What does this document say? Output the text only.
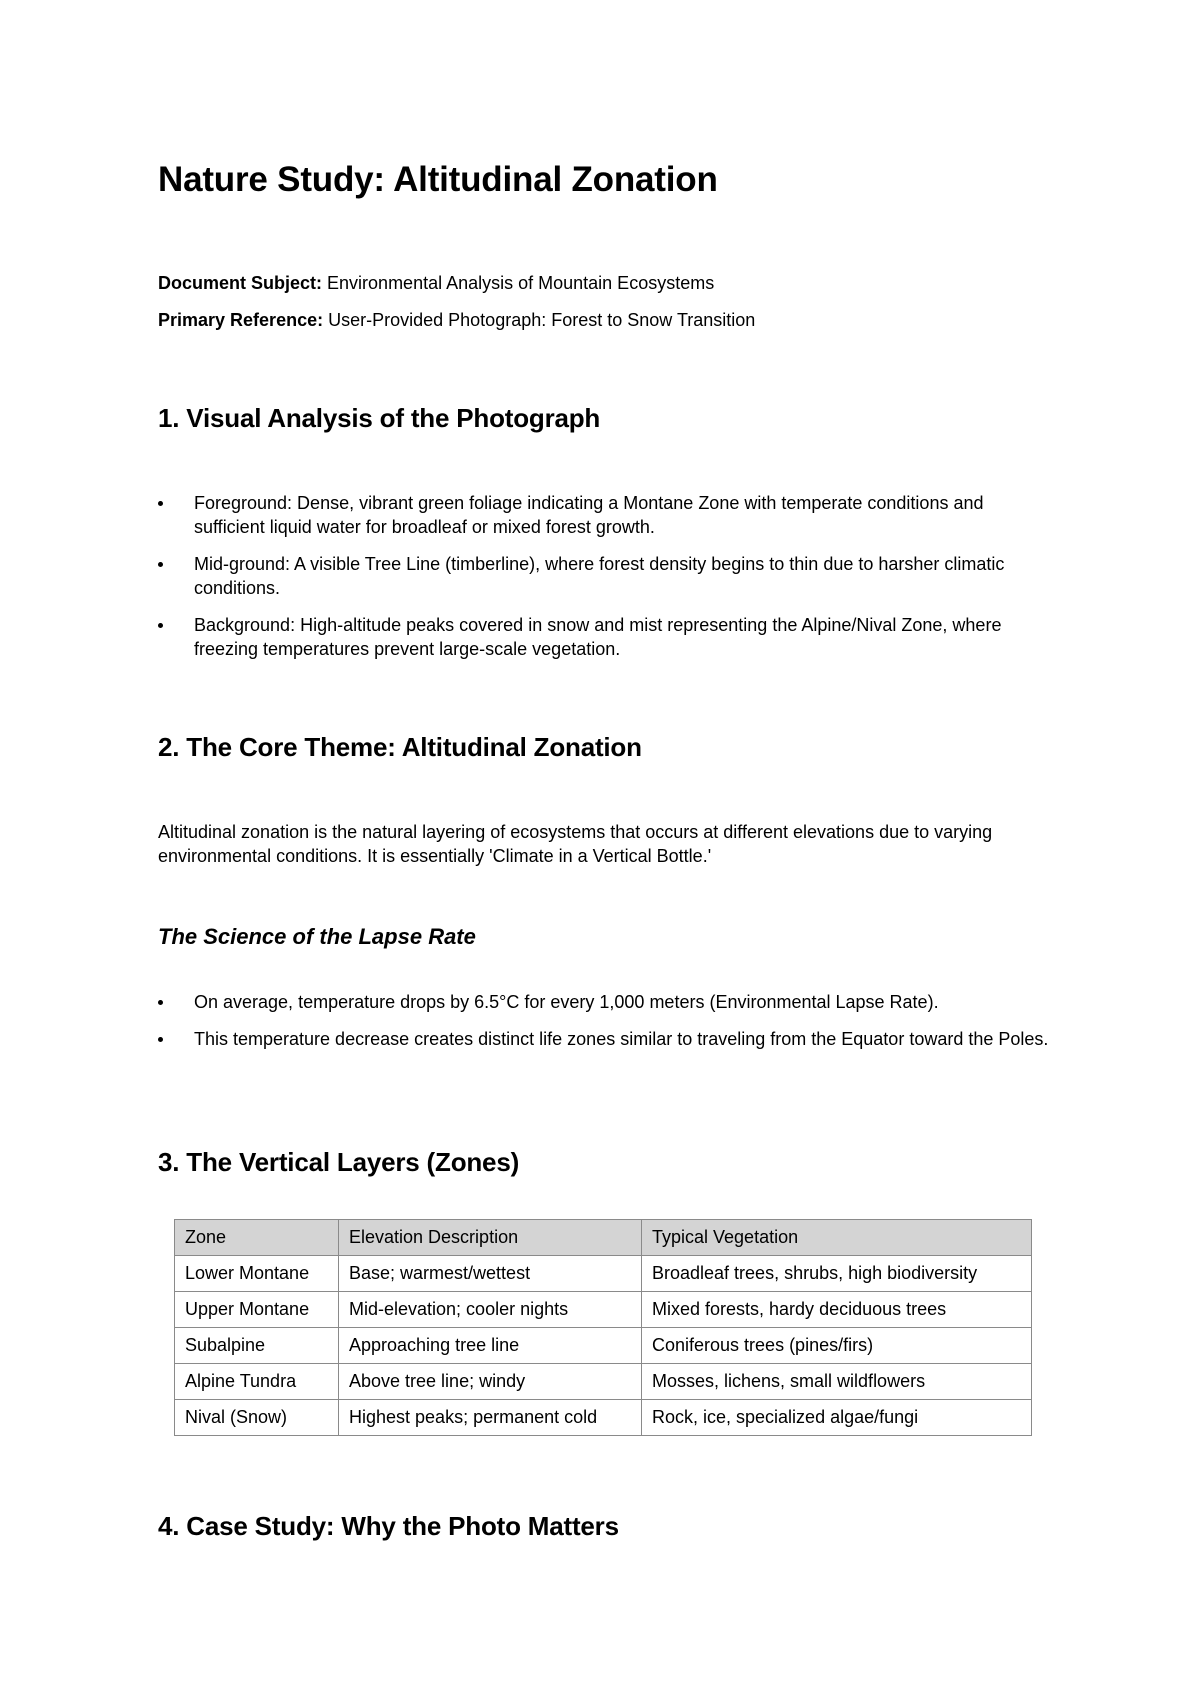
Nature Study: Altitudinal Zonation

Document Subject: Environmental Analysis of Mountain Ecosystems

Primary Reference: User-Provided Photograph: Forest to Snow Transition

1. Visual Analysis of the Photograph
Foreground: Dense, vibrant green foliage indicating a Montane Zone with temperate conditions and sufficient liquid water for broadleaf or mixed forest growth.
Mid-ground: A visible Tree Line (timberline), where forest density begins to thin due to harsher climatic conditions.
Background: High-altitude peaks covered in snow and mist representing the Alpine/Nival Zone, where freezing temperatures prevent large-scale vegetation.
2. The Core Theme: Altitudinal Zonation

Altitudinal zonation is the natural layering of ecosystems that occurs at different elevations due to varying environmental conditions. It is essentially 'Climate in a Vertical Bottle.'

The Science of the Lapse Rate
On average, temperature drops by 6.5°C for every 1,000 meters (Environmental Lapse Rate).
This temperature decrease creates distinct life zones similar to traveling from the Equator toward the Poles.
3. The Vertical Layers (Zones)
Zone	Elevation Description	Typical Vegetation
Lower Montane	Base; warmest/wettest	Broadleaf trees, shrubs, high biodiversity
Upper Montane	Mid-elevation; cooler nights	Mixed forests, hardy deciduous trees
Subalpine	Approaching tree line	Coniferous trees (pines/firs)
Alpine Tundra	Above tree line; windy	Mosses, lichens, small wildflowers
Nival (Snow)	Highest peaks; permanent cold	Rock, ice, specialized algae/fungi
4. Case Study: Why the Photo Matters
